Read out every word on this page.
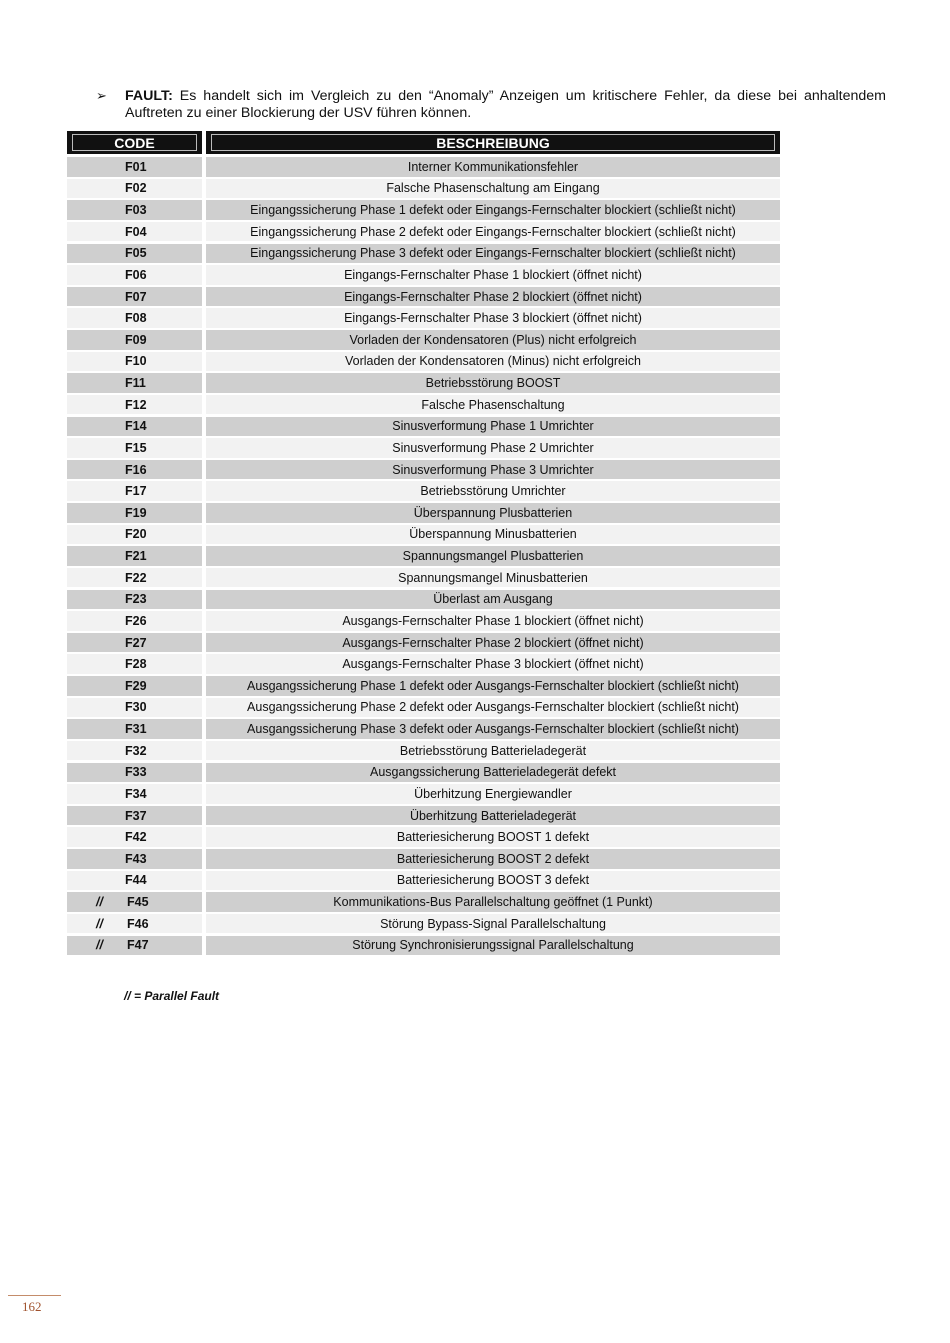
➢ FAULT: Es handelt sich im Vergleich zu den “Anomaly” Anzeigen um kritischere Fehler, da diese bei anhaltendem Auftreten zu einer Blockierung der USV führen können.
CODE	BESCHREIBUNG
F01	Interner Kommunikationsfehler
F02	Falsche Phasenschaltung am Eingang
F03	Eingangssicherung Phase 1 defekt oder Eingangs-Fernschalter blockiert (schließt nicht)
F04	Eingangssicherung Phase 2 defekt oder Eingangs-Fernschalter blockiert (schließt nicht)
F05	Eingangssicherung Phase 3 defekt oder Eingangs-Fernschalter blockiert (schließt nicht)
F06	Eingangs-Fernschalter Phase 1 blockiert (öffnet nicht)
F07	Eingangs-Fernschalter Phase 2 blockiert (öffnet nicht)
F08	Eingangs-Fernschalter Phase 3 blockiert (öffnet nicht)
F09	Vorladen der Kondensatoren (Plus) nicht erfolgreich
F10	Vorladen der Kondensatoren (Minus) nicht erfolgreich
F11	Betriebsstörung BOOST
F12	Falsche Phasenschaltung
F14	Sinusverformung Phase 1 Umrichter
F15	Sinusverformung Phase 2 Umrichter
F16	Sinusverformung Phase 3 Umrichter
F17	Betriebsstörung Umrichter
F19	Überspannung Plusbatterien
F20	Überspannung Minusbatterien
F21	Spannungsmangel Plusbatterien
F22	Spannungsmangel Minusbatterien
F23	Überlast am Ausgang
F26	Ausgangs-Fernschalter Phase 1 blockiert (öffnet nicht)
F27	Ausgangs-Fernschalter Phase 2 blockiert (öffnet nicht)
F28	Ausgangs-Fernschalter Phase 3 blockiert (öffnet nicht)
F29	Ausgangssicherung Phase 1 defekt oder Ausgangs-Fernschalter blockiert (schließt nicht)
F30	Ausgangssicherung Phase 2 defekt oder Ausgangs-Fernschalter blockiert (schließt nicht)
F31	Ausgangssicherung Phase 3 defekt oder Ausgangs-Fernschalter blockiert (schließt nicht)
F32	Betriebsstörung Batterieladegerät
F33	Ausgangssicherung Batterieladegerät defekt
F34	Überhitzung Energiewandler
F37	Überhitzung Batterieladegerät
F42	Batteriesicherung BOOST 1 defekt
F43	Batteriesicherung BOOST 2 defekt
F44	Batteriesicherung BOOST 3 defekt
// F45	Kommunikations-Bus Parallelschaltung geöffnet (1 Punkt)
// F46	Störung Bypass-Signal Parallelschaltung
// F47	Störung Synchronisierungssignal Parallelschaltung
// = Parallel Fault
162
